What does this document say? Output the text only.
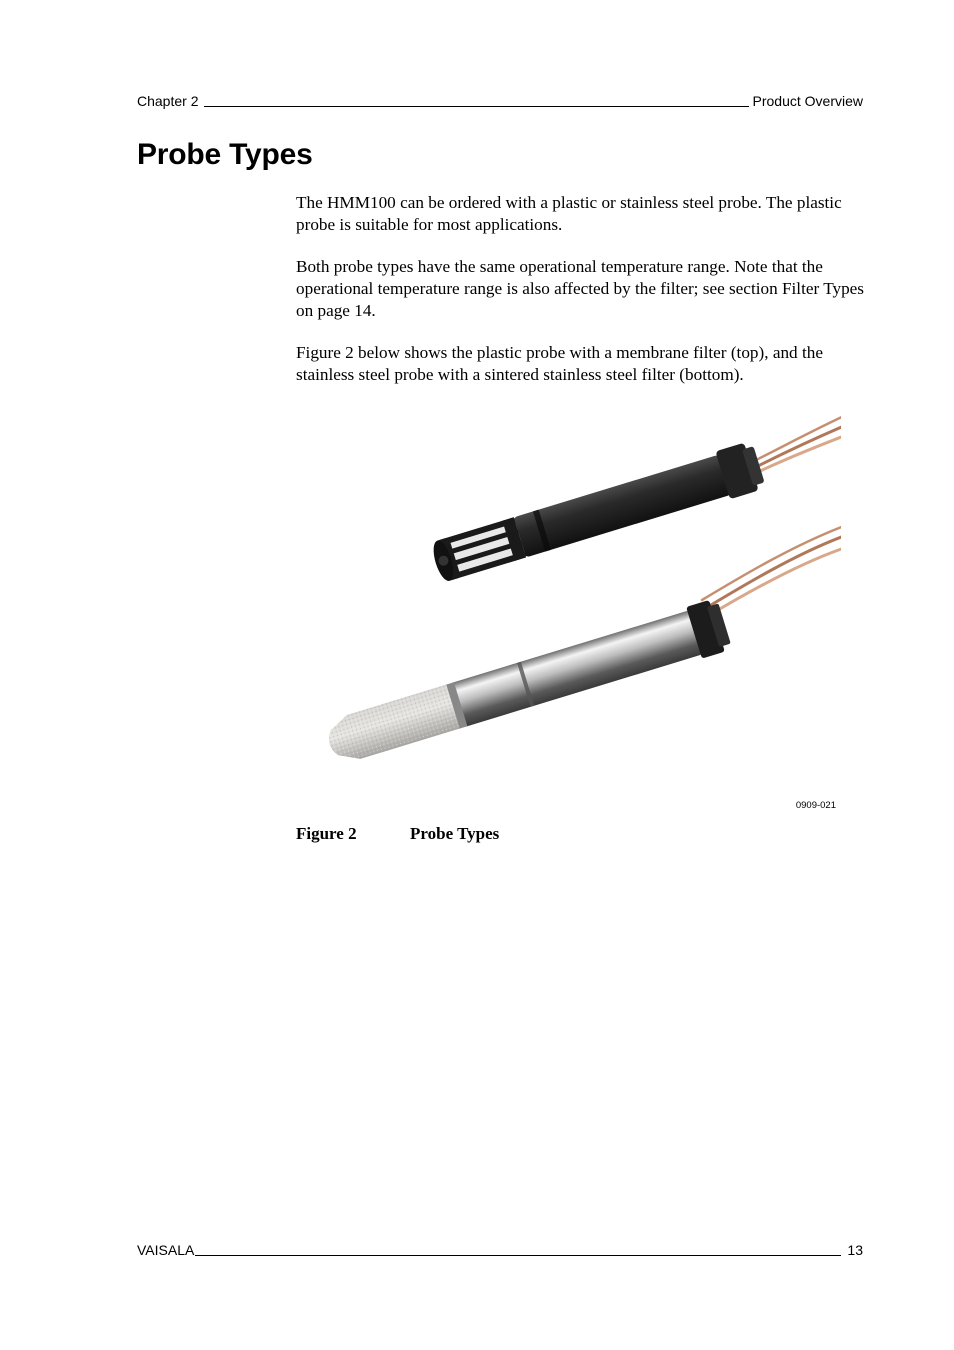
Chapter 2	Product Overview
Probe Types

The HMM100 can be ordered with a plastic or stainless steel probe. The plastic probe is suitable for most applications.

Both probe types have the same operational temperature range. Note that the operational temperature range is also affected by the filter; see section Filter Types on page 14.

Figure 2 below shows the plastic probe with a membrane filter (top), and the stainless steel probe with a sintered stainless steel filter (bottom).

0909-021
Figure 2	Probe Types
VAISALA	13
